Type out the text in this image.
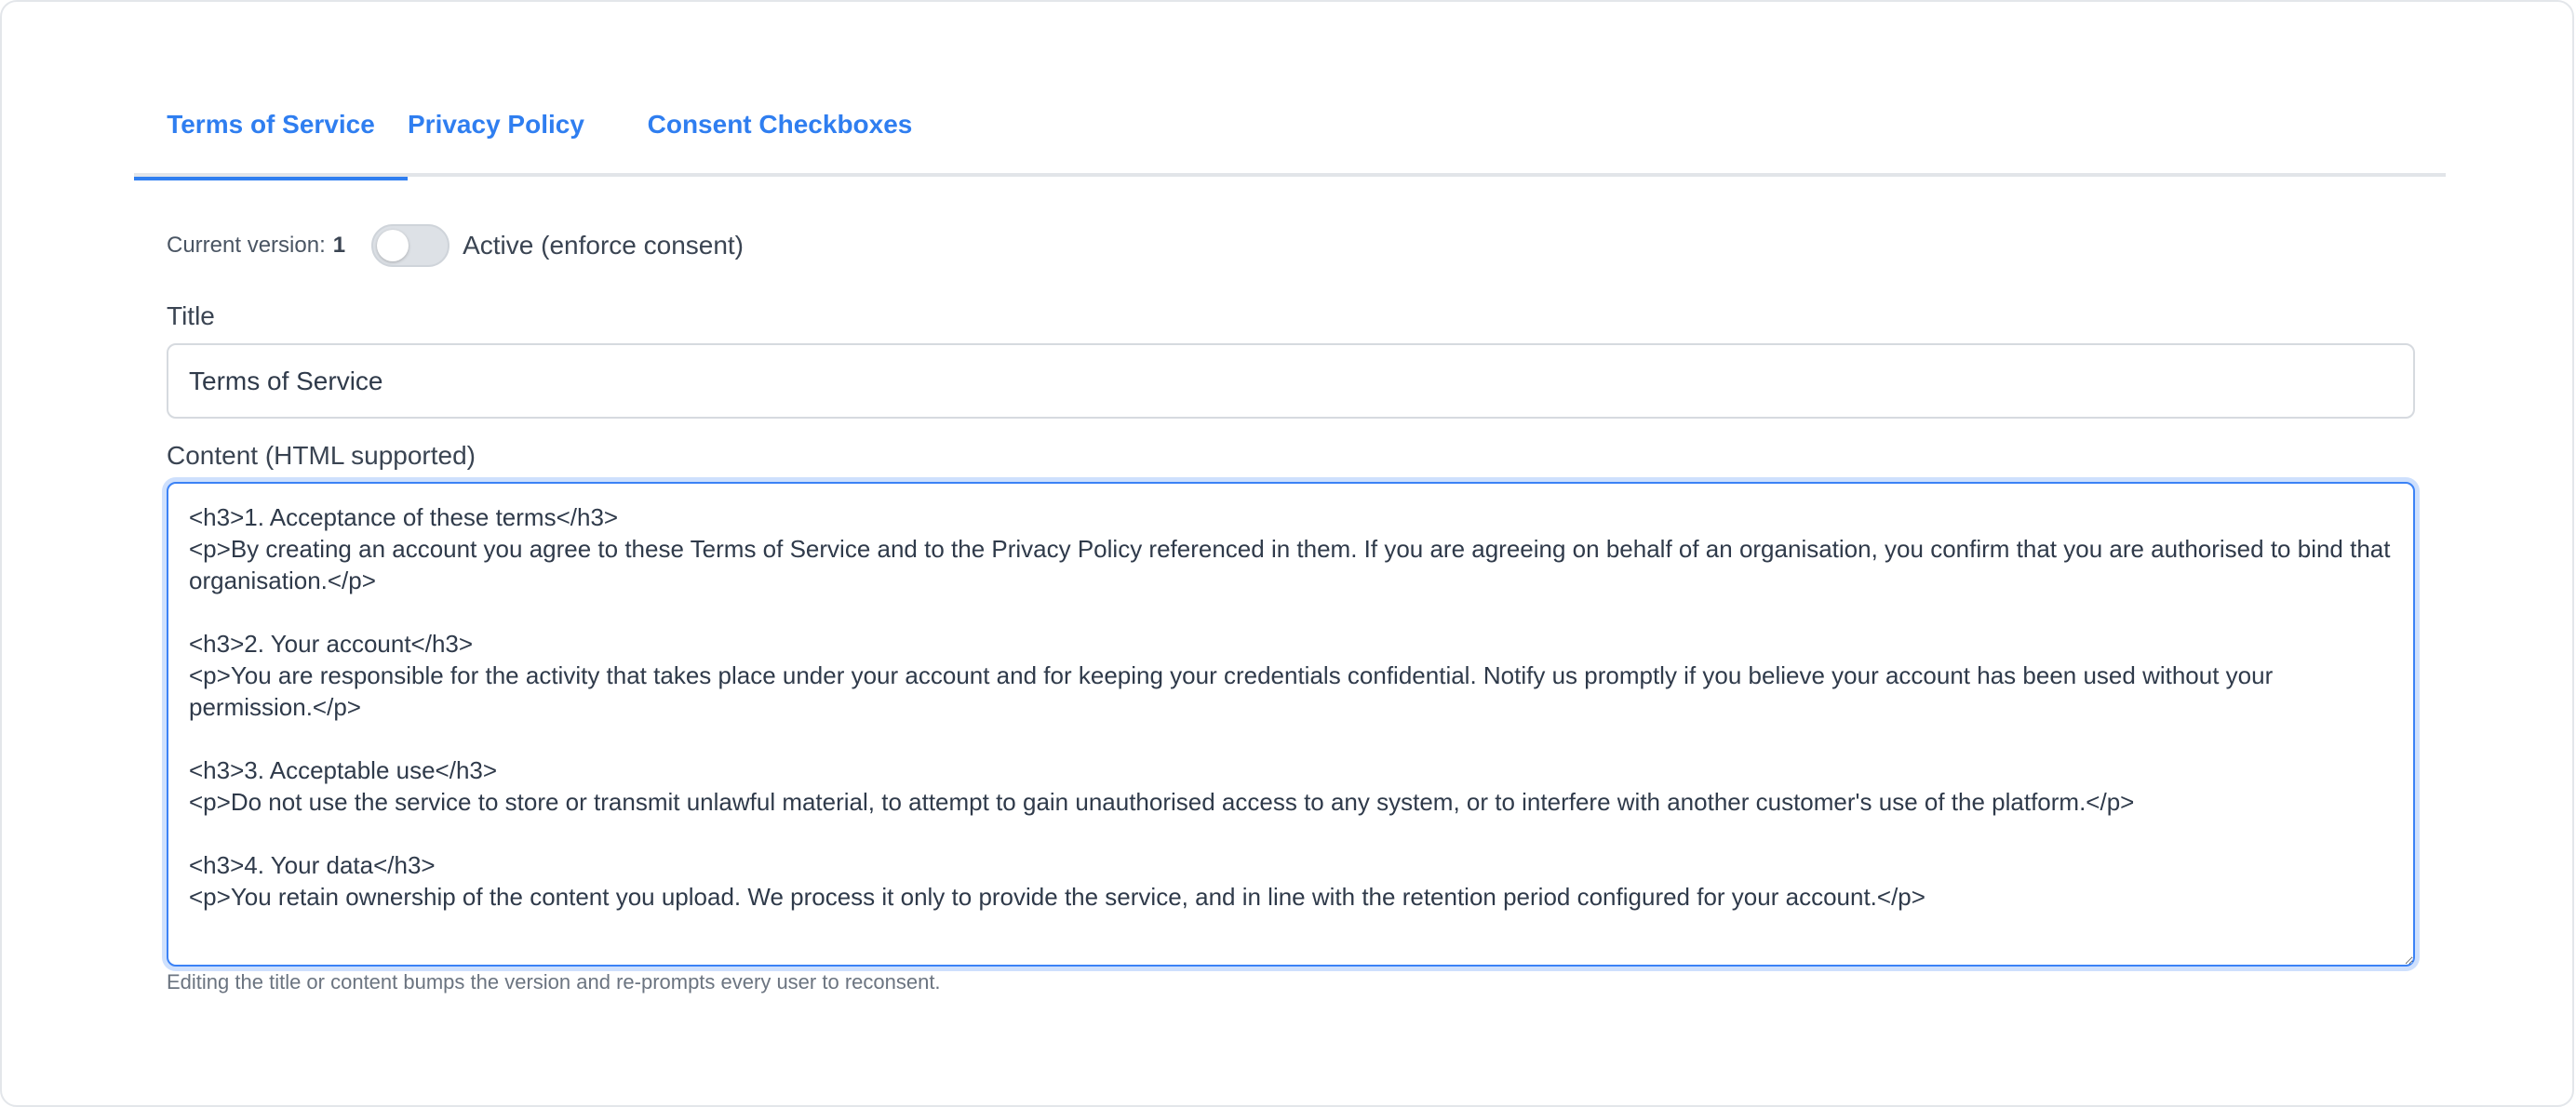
Terms of Service	Privacy Policy Consent Checkboxes
Current version: 1	Active (enforce consent)
Title
Terms of Service
Content (HTML supported)
<h3>1. Acceptance of these terms</h3> <p>By creating an account you agree to these Terms of Service and to the Privacy Policy referenced in them. If you are agreeing on behalf of an organisation, you confirm that you are authorised to bind that organisation.</p> <h3>2. Your account</h3> <p>You are responsible for the activity that takes place under your account and for keeping your credentials confidential. Notify us promptly if you believe your account has been used without your permission.</p> <h3>3. Acceptable use</h3> <p>Do not use the service to store or transmit unlawful material, to attempt to gain unauthorised access to any system, or to interfere with another customer's use of the platform.</p> <h3>4. Your data</h3> <p>You retain ownership of the content you upload. We process it only to provide the service, and in line with the retention period configured for your account.</p>
Editing the title or content bumps the version and re-prompts every user to reconsent.
